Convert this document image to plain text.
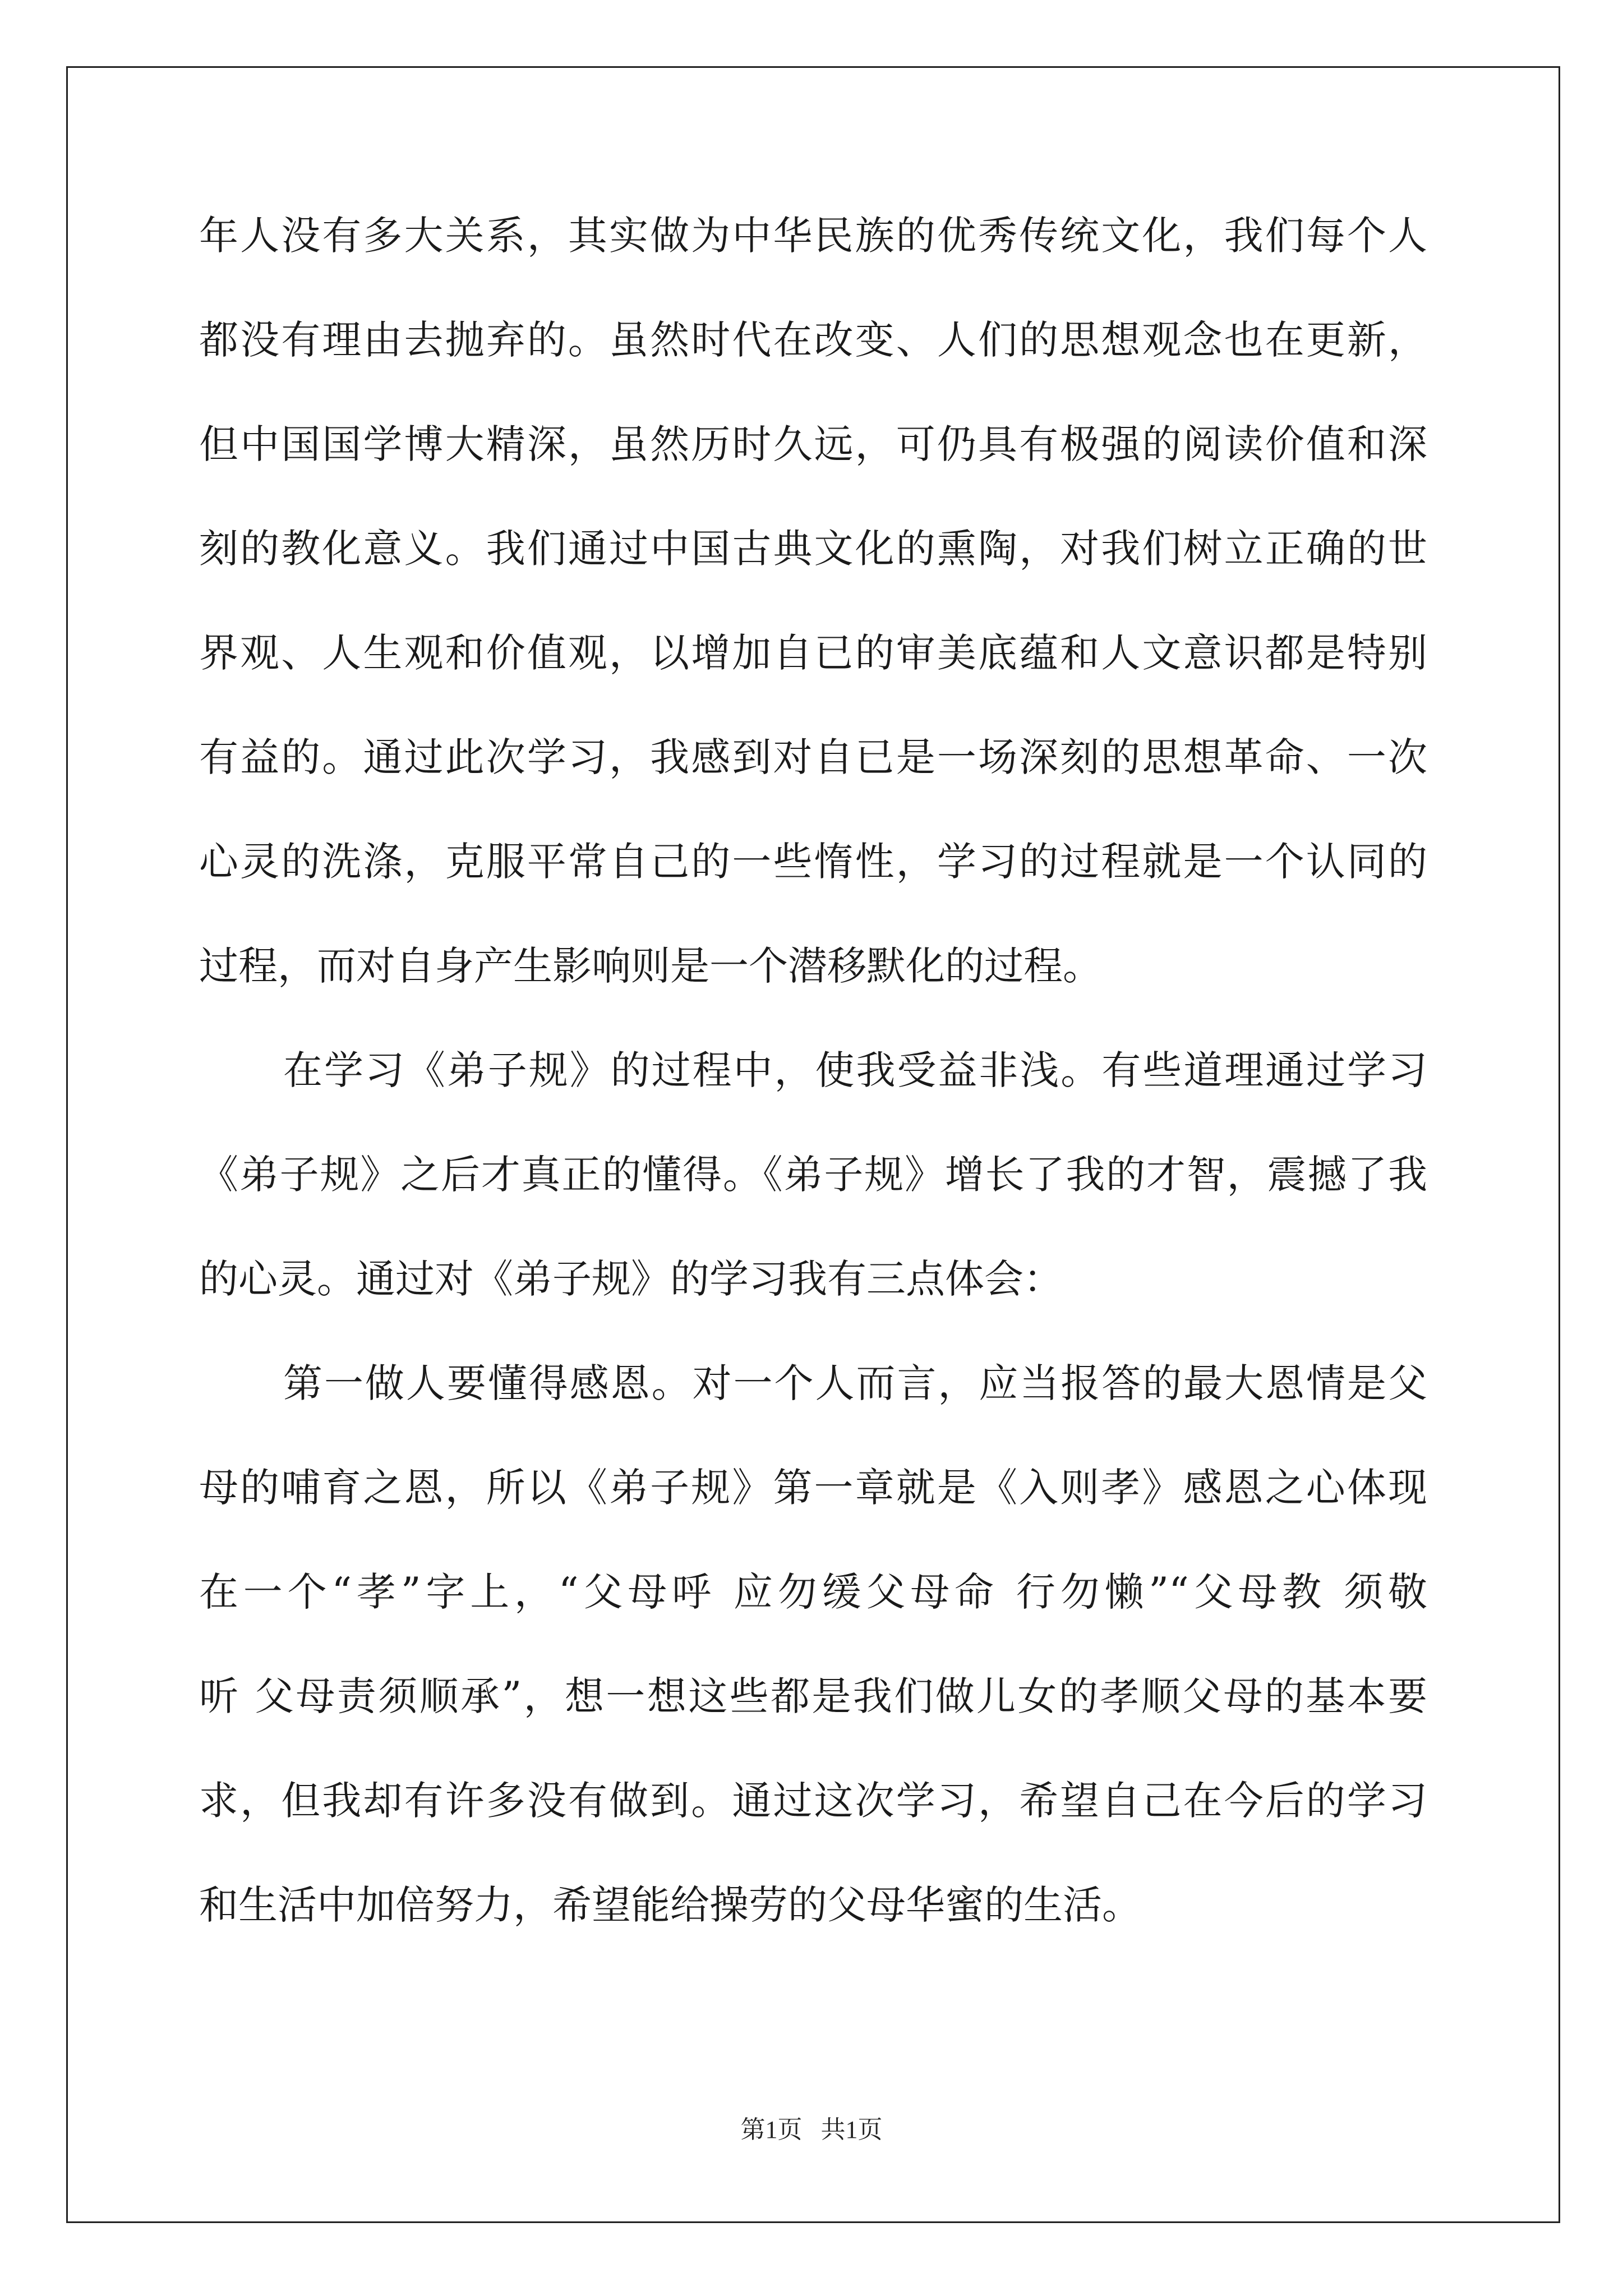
年人没有多大关系，其实做为中华民族的优秀传统文化，我们每个人
都没有理由去抛弃的。虽然时代在改变、人们的思想观念也在更新，
但中国国学博大精深，虽然历时久远，可仍具有极强的阅读价值和深
刻的教化意义。我们通过中国古典文化的熏陶，对我们树立正确的世
界观、人生观和价值观，以增加自已的审美底蕴和人文意识都是特别
有益的。通过此次学习，我感到对自已是一场深刻的思想革命、一次
心灵的洗涤，克服平常自己的一些惰性，学习的过程就是一个认同的
过程，而对自身产生影响则是一个潜移默化的过程。
在学习《弟子规》的过程中，使我受益非浅。有些道理通过学习
《弟子规》之后才真正的懂得。《弟子规》增长了我的才智，震撼了我
的心灵。通过对《弟子规》的学习我有三点体会：
第一做人要懂得感恩。对一个人而言，应当报答的最大恩情是父
母的哺育之恩，所以《弟子规》第一章就是《入则孝》感恩之心体现
在一个“孝”字上，“父母呼 应勿缓父母命 行勿懒”“父母教 须敬
听 父母责须顺承”，想一想这些都是我们做儿女的孝顺父母的基本要
求，但我却有许多没有做到。通过这次学习，希望自己在今后的学习
和生活中加倍努力，希望能给操劳的父母华蜜的生活。
第1页   共1页
